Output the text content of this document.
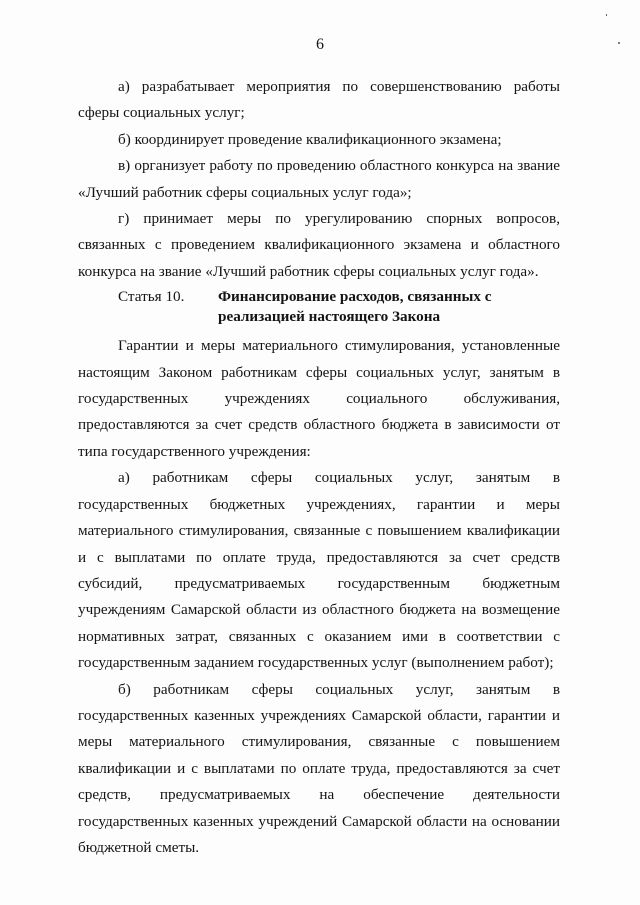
6

а) разрабатывает мероприятия по совершенствованию работы сферы социальных услуг;

б) координирует проведение квалификационного экзамена;

в) организует работу по проведению областного конкурса на звание «Лучший работник сферы социальных услуг года»;

г) принимает меры по урегулированию спорных вопросов, связанных с проведением квалификационного экзамена и областного конкурса на звание «Лучший работник сферы социальных услуг года».

Статья 10.	Финансирование расходов, связанных с реализацией настоящего Закона

Гарантии и меры материального стимулирования, установленные настоящим Законом работникам сферы социальных услуг, занятым в государственных учреждениях социального обслуживания, предоставляются за счет средств областного бюджета в зависимости от типа государственного учреждения:

а) работникам сферы социальных услуг, занятым в государственных бюджетных учреждениях, гарантии и меры материального стимулирования, связанные с повышением квалификации и с выплатами по оплате труда, предоставляются за счет средств субсидий, предусматриваемых государственным бюджетным учреждениям Самарской области из областного бюджета на возмещение нормативных затрат, связанных с оказанием ими в соответствии с государственным заданием государственных услуг (выполнением работ);

б) работникам сферы социальных услуг, занятым в государственных казенных учреждениях Самарской области, гарантии и меры материального стимулирования, связанные с повышением квалификации и с выплатами по оплате труда, предоставляются за счет средств, предусматриваемых на обеспечение деятельности государственных казенных учреждений Самарской области на основании бюджетной сметы.
